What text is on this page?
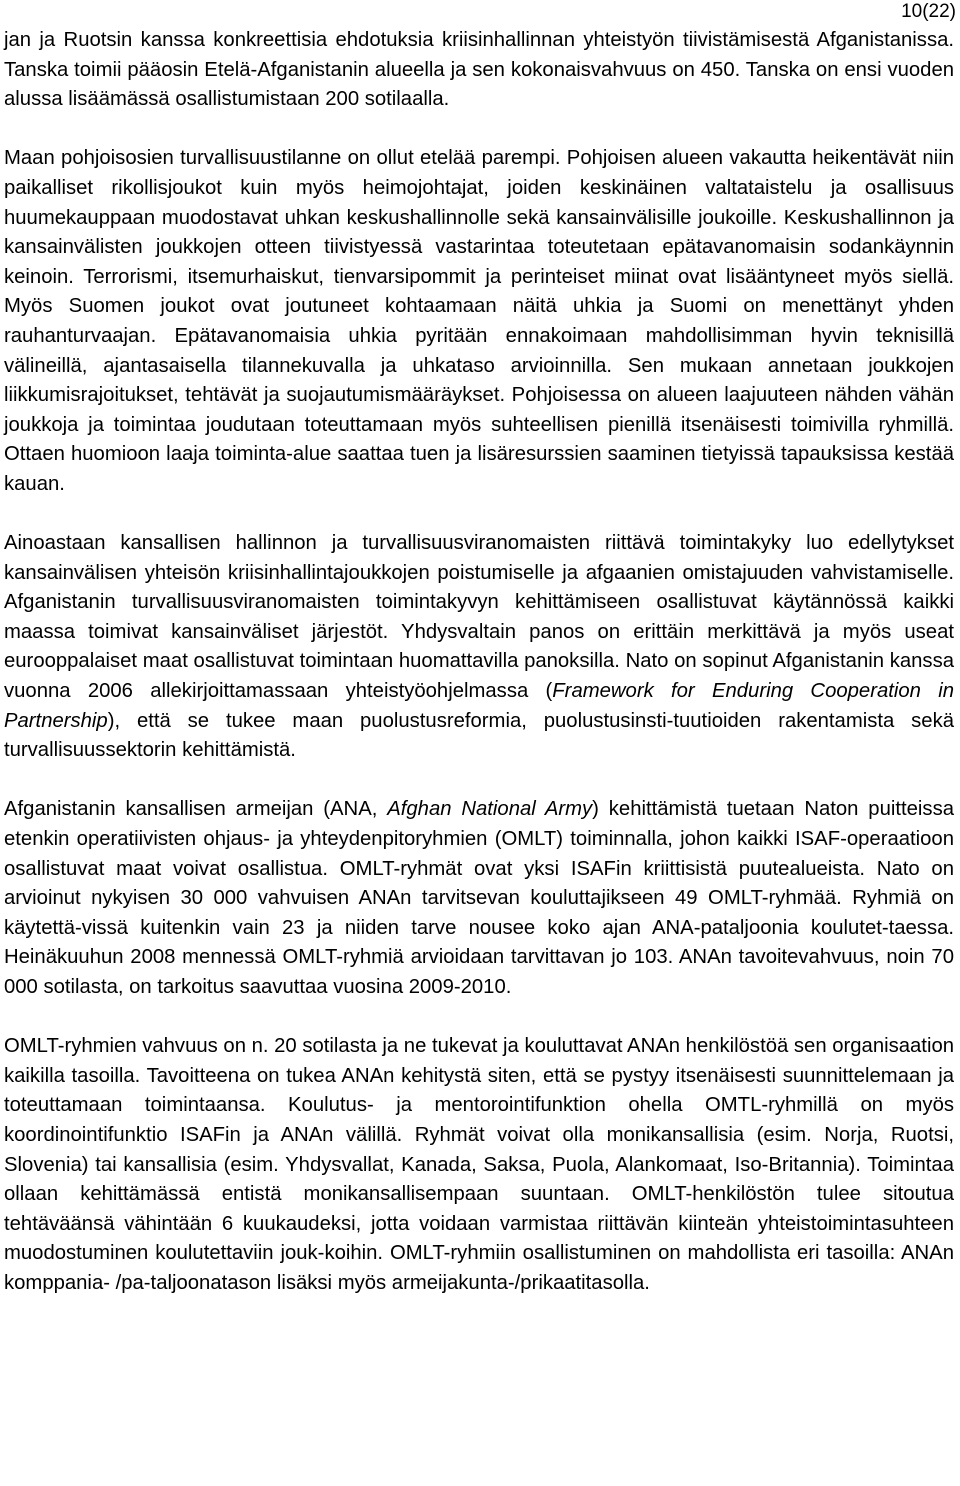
10(22)

jan ja Ruotsin kanssa konkreettisia ehdotuksia kriisinhallinnan yhteistyön tiivistämisestä Afganistanissa. Tanska toimii pääosin Etelä-Afganistanin alueella ja sen kokonaisvahvuus on 450. Tanska on ensi vuoden alussa lisäämässä osallistumistaan 200 sotilaalla.

Maan pohjoisosien turvallisuustilanne on ollut etelää parempi. Pohjoisen alueen vakautta heikentävät niin paikalliset rikollisjoukot kuin myös heimojohtajat, joiden keskinäinen valtataistelu ja osallisuus huumekauppaan muodostavat uhkan keskushallinnolle sekä kansainvälisille joukoille. Keskushallinnon ja kansainvälisten joukkojen otteen tiivistyessä vastarintaa toteutetaan epätavanomaisin sodankäynnin keinoin. Terrorismi, itsemurhaiskut, tienvarsipommit ja perinteiset miinat ovat lisääntyneet myös siellä. Myös Suomen joukot ovat joutuneet kohtaamaan näitä uhkia ja Suomi on menettänyt yhden rauhanturvaajan. Epätavanomaisia uhkia pyritään ennakoimaan mahdollisimman hyvin teknisillä välineillä, ajantasaisella tilannekuvalla ja uhkataso arvioinnilla. Sen mukaan annetaan joukkojen liikkumisrajoitukset, tehtävät ja suojautumismääräykset. Pohjoisessa on alueen laajuuteen nähden vähän joukkoja ja toimintaa joudutaan toteuttamaan myös suhteellisen pienillä itsenäisesti toimivilla ryhmillä. Ottaen huomioon laaja toiminta-alue saattaa tuen ja lisäresurssien saaminen tietyissä tapauksissa kestää kauan.

Ainoastaan kansallisen hallinnon ja turvallisuusviranomaisten riittävä toimintakyky luo edellytykset kansainvälisen yhteisön kriisinhallintajoukkojen poistumiselle ja afgaanien omistajuuden vahvistamiselle. Afganistanin turvallisuusviranomaisten toimintakyvyn kehittämiseen osallistuvat käytännössä kaikki maassa toimivat kansainväliset järjestöt. Yhdysvaltain panos on erittäin merkittävä ja myös useat eurooppalaiset maat osallistuvat toimintaan huomattavilla panoksilla. Nato on sopinut Afganistanin kanssa vuonna 2006 allekirjoittamassaan yhteistyöohjelmassa (Framework for Enduring Cooperation in Partnership), että se tukee maan puolustusreformia, puolustusinsti-tuutioiden rakentamista sekä turvallisuussektorin kehittämistä.

Afganistanin kansallisen armeijan (ANA, Afghan National Army) kehittämistä tuetaan Naton puitteissa etenkin operatiivisten ohjaus- ja yhteydenpitoryhmien (OMLT) toiminnalla, johon kaikki ISAF-operaatioon osallistuvat maat voivat osallistua. OMLT-ryhmät ovat yksi ISAFin kriittisistä puutealueista. Nato on arvioinut nykyisen 30 000 vahvuisen ANAn tarvitsevan kouluttajikseen 49 OMLT-ryhmää. Ryhmiä on käytettä-vissä kuitenkin vain 23 ja niiden tarve nousee koko ajan ANA-pataljoonia koulutet-taessa. Heinäkuuhun 2008 mennessä OMLT-ryhmiä arvioidaan tarvittavan jo 103. ANAn tavoitevahvuus, noin 70 000 sotilasta, on tarkoitus saavuttaa vuosina 2009-2010.

OMLT-ryhmien vahvuus on n. 20 sotilasta ja ne tukevat ja kouluttavat ANAn henkilöstöä sen organisaation kaikilla tasoilla. Tavoitteena on tukea ANAn kehitystä siten, että se pystyy itsenäisesti suunnittelemaan ja toteuttamaan toimintaansa. Koulutus- ja mentorointifunktion ohella OMTL-ryhmillä on myös koordinointifunktio ISAFin ja ANAn välillä. Ryhmät voivat olla monikansallisia (esim. Norja, Ruotsi, Slovenia) tai kansallisia (esim. Yhdysvallat, Kanada, Saksa, Puola, Alankomaat, Iso-Britannia). Toimintaa ollaan kehittämässä entistä monikansallisempaan suuntaan. OMLT-henkilöstön tulee sitoutua tehtäväänsä vähintään 6 kuukaudeksi, jotta voidaan varmistaa riittävän kiinteän yhteistoimintasuhteen muodostuminen koulutettaviin jouk-koihin. OMLT-ryhmiin osallistuminen on mahdollista eri tasoilla: ANAn komppania- /pa-taljoonatason lisäksi myös armeijakunta-/prikaatitasolla.
